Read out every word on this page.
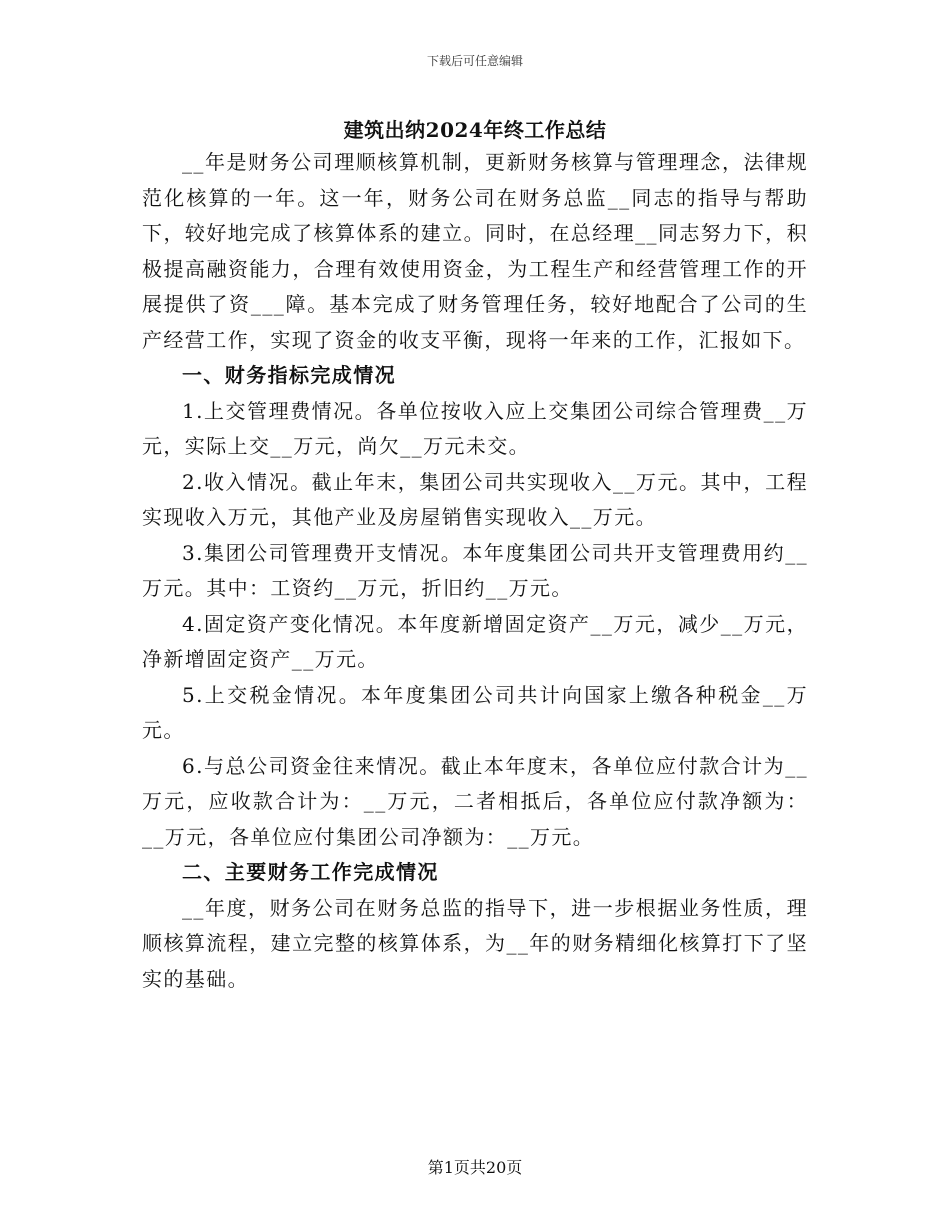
下载后可任意编辑
建筑出纳2024年终工作总结

__年是财务公司理顺核算机制，更新财务核算与管理理念，法律规范化核算的一年。这一年，财务公司在财务总监__同志的指导与帮助下，较好地完成了核算体系的建立。同时，在总经理__同志努力下，积极提高融资能力，合理有效使用资金，为工程生产和经营管理工作的开展提供了资___障。基本完成了财务管理任务，较好地配合了公司的生产经营工作，实现了资金的收支平衡，现将一年来的工作，汇报如下。

一、财务指标完成情况

1.上交管理费情况。各单位按收入应上交集团公司综合管理费__万元，实际上交__万元，尚欠__万元未交。

2.收入情况。截止年末，集团公司共实现收入__万元。其中，工程实现收入万元，其他产业及房屋销售实现收入__万元。

3.集团公司管理费开支情况。本年度集团公司共开支管理费用约__万元。其中：工资约__万元，折旧约__万元。

4.固定资产变化情况。本年度新增固定资产__万元，减少__万元，净新增固定资产__万元。

5.上交税金情况。本年度集团公司共计向国家上缴各种税金__万元。

6.与总公司资金往来情况。截止本年度末，各单位应付款合计为__万元，应收款合计为：__万元，二者相抵后，各单位应付款净额为：__万元，各单位应付集团公司净额为：__万元。

二、主要财务工作完成情况

__年度，财务公司在财务总监的指导下，进一步根据业务性质，理顺核算流程，建立完整的核算体系，为__年的财务精细化核算打下了坚实的基础。

第1页共20页
